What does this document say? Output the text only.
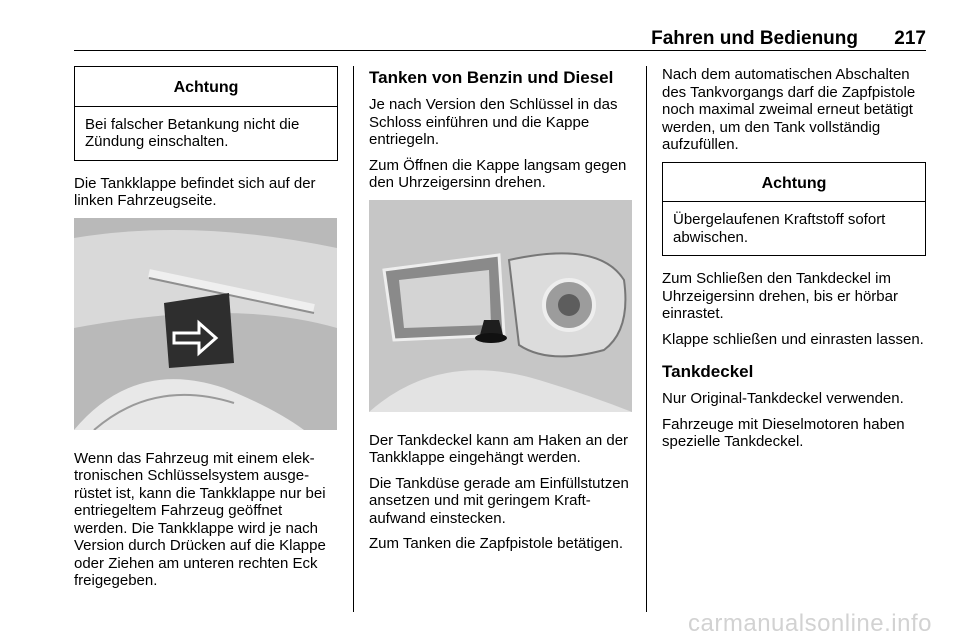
Fahren und Bedienung 217
Achtung
Bei falscher Betankung nicht die Zündung einschalten.

Die Tankklappe befindet sich auf der linken Fahrzeugseite.

Wenn das Fahrzeug mit einem elektronischen Schlüsselsystem ausgerüstet ist, kann die Tankklappe nur bei entriegeltem Fahrzeug geöffnet werden. Die Tankklappe wird je nach Version durch Drücken auf die Klappe oder Ziehen am unteren rechten Eck freigegeben.

Tanken von Benzin und Diesel

Je nach Version den Schlüssel in das Schloss einführen und die Kappe entriegeln.

Zum Öffnen die Kappe langsam gegen den Uhrzeigersinn drehen.

Der Tankdeckel kann am Haken an der Tankklappe eingehängt werden.

Die Tankdüse gerade am Einfüllstutzen ansetzen und mit geringem Kraftaufwand einstecken.

Zum Tanken die Zapfpistole betätigen.

Nach dem automatischen Abschalten des Tankvorgangs darf die Zapfpistole noch maximal zweimal erneut betätigt werden, um den Tank vollständig aufzufüllen.

Achtung
Übergelaufenen Kraftstoff sofort abwischen.

Zum Schließen den Tankdeckel im Uhrzeigersinn drehen, bis er hörbar einrastet.

Klappe schließen und einrasten lassen.

Tankdeckel

Nur Original-Tankdeckel verwenden.

Fahrzeuge mit Dieselmotoren haben spezielle Tankdeckel.

carmanualsonline.info
